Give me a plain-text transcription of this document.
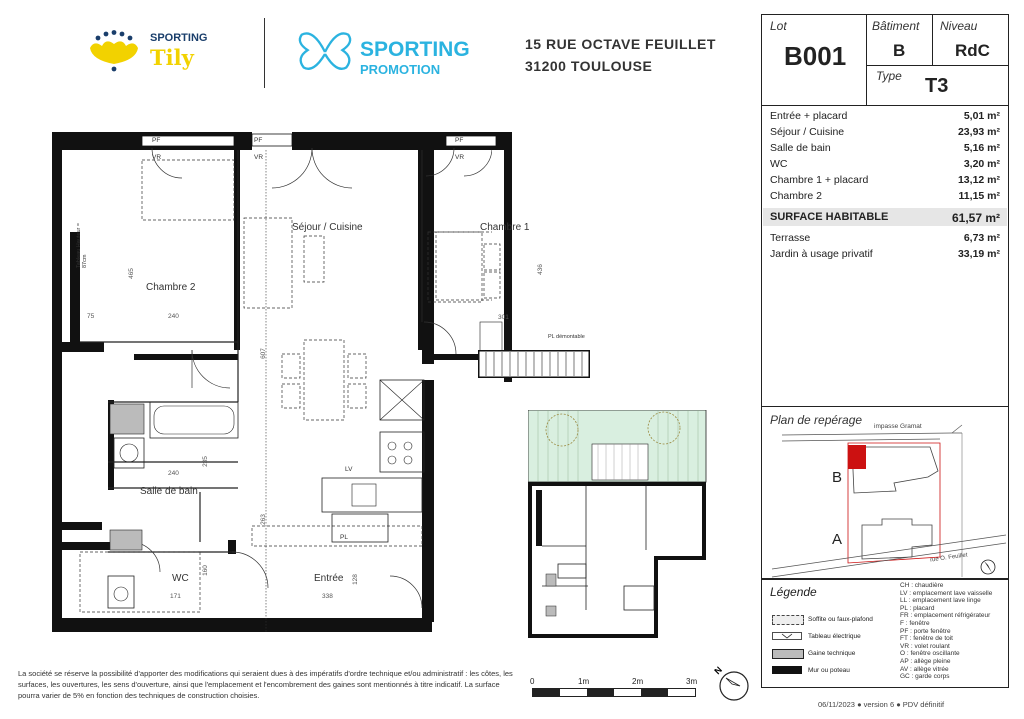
SPORTING
Tily	SPORTING
PROMOTION
15 RUE OCTAVE FEUILLET
31200 TOULOUSE
Lot
B001
Bâtiment
B
Niveau
RdC
Type T3
Entrée + placard	5,01 m²
Séjour / Cuisine	23,93 m²
Salle de bain	5,16 m²
WC	3,20 m²
Chambre 1 + placard	13,12 m²
Chambre 2	11,15 m²
SURFACE HABITABLE	61,57 m²
Terrasse	6,73 m²
Jardin à usage privatif	33,19 m²
Plan de repérage impasse Gramat
B
A
rue O. Feuillet
Légende	CH : chaudière
LV : emplacement lave vaisselle
LL : emplacement lave linge
PL : placard
FR : emplacement réfrigérateur
F : fenêtre
PF : porte fenêtre
FT : fenêtre de toit
VR : volet roulant
O : fenêtre oscillante
AP : allège pleine
AV : allège vitrée
GC : garde corps
Soffite ou faux-plafond
Tableau électrique
Gaine technique
Mur ou poteau
Séjour / Cuisine	Chambre 1
Chambre 2
Salle de bain
WC	Entrée
PF	PF	PF
VR	VR	VR
LV
PL
PL démontable
Tableau Hauteur = 87cm
465
240
75
607
436
301
240
235
263
160
171	338
128
La société se réserve la possibilité d'apporter des modifications qui seraient dues à des impératifs d'ordre technique et/ou administratif : les côtes, les surfaces, les ouvertures, les sens d'ouverture, ainsi que l'emplacement et l'encombrement des gaines sont mentionnés à titre indicatif. La surface pourra varier de 5% en fonction des techniques de construction choisies.
0	1m	2m	3m
N
06/11/2023 ● version 6 ● PDV définitif
